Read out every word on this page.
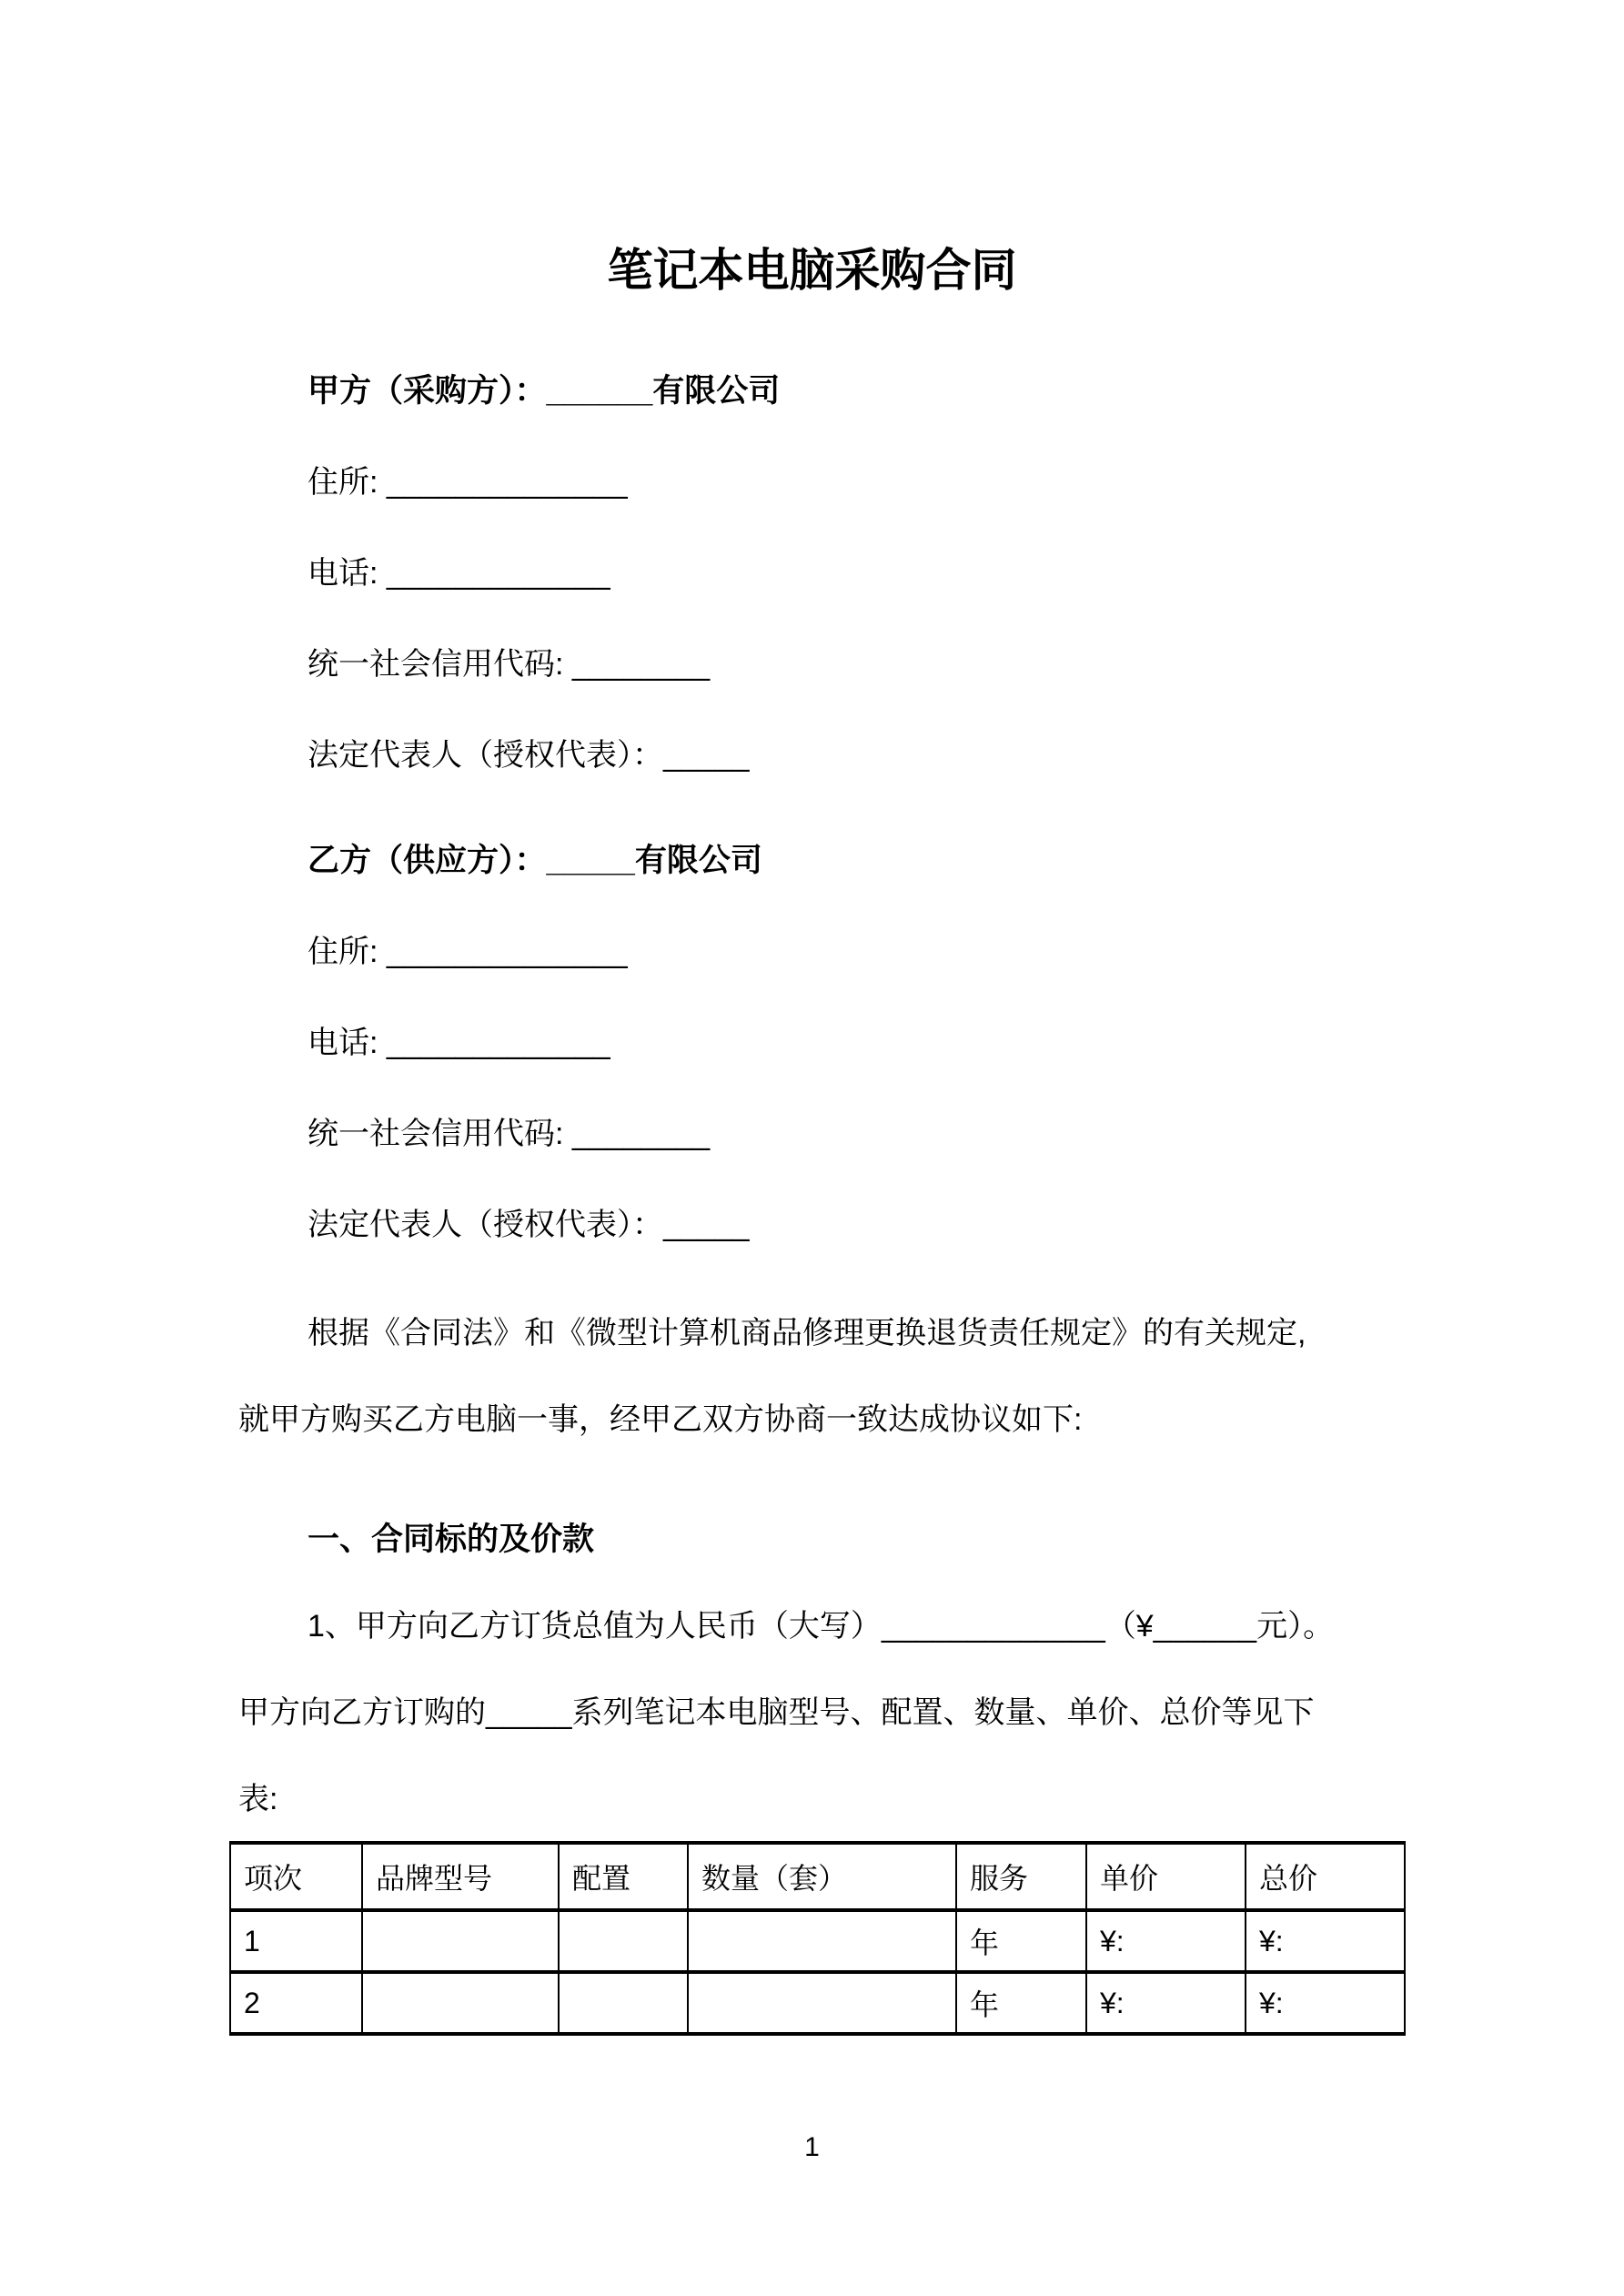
笔记本电脑采购合同
甲方（采购方）：______有限公司
住所: ______________
电话: _____________
统一社会信用代码: ________
法定代表人（授权代表）：_____
乙方（供应方）：_____有限公司
住所: ______________
电话: _____________
统一社会信用代码: ________
法定代表人（授权代表）：_____
根据《合同法》和《微型计算机商品修理更换退货责任规定》的有关规定,
就甲方购买乙方电脑一事，经甲乙双方协商一致达成协议如下:
一、合同标的及价款
1、甲方向乙方订货总值为人民币（大写）_____________（¥______元）。
甲方向乙方订购的_____系列笔记本电脑型号、配置、数量、单价、总价等见下
表:
项次	品牌型号	配置	数量（套）	服务	单价	总价
1				年	¥:	¥:
2				年	¥:	¥:
1
